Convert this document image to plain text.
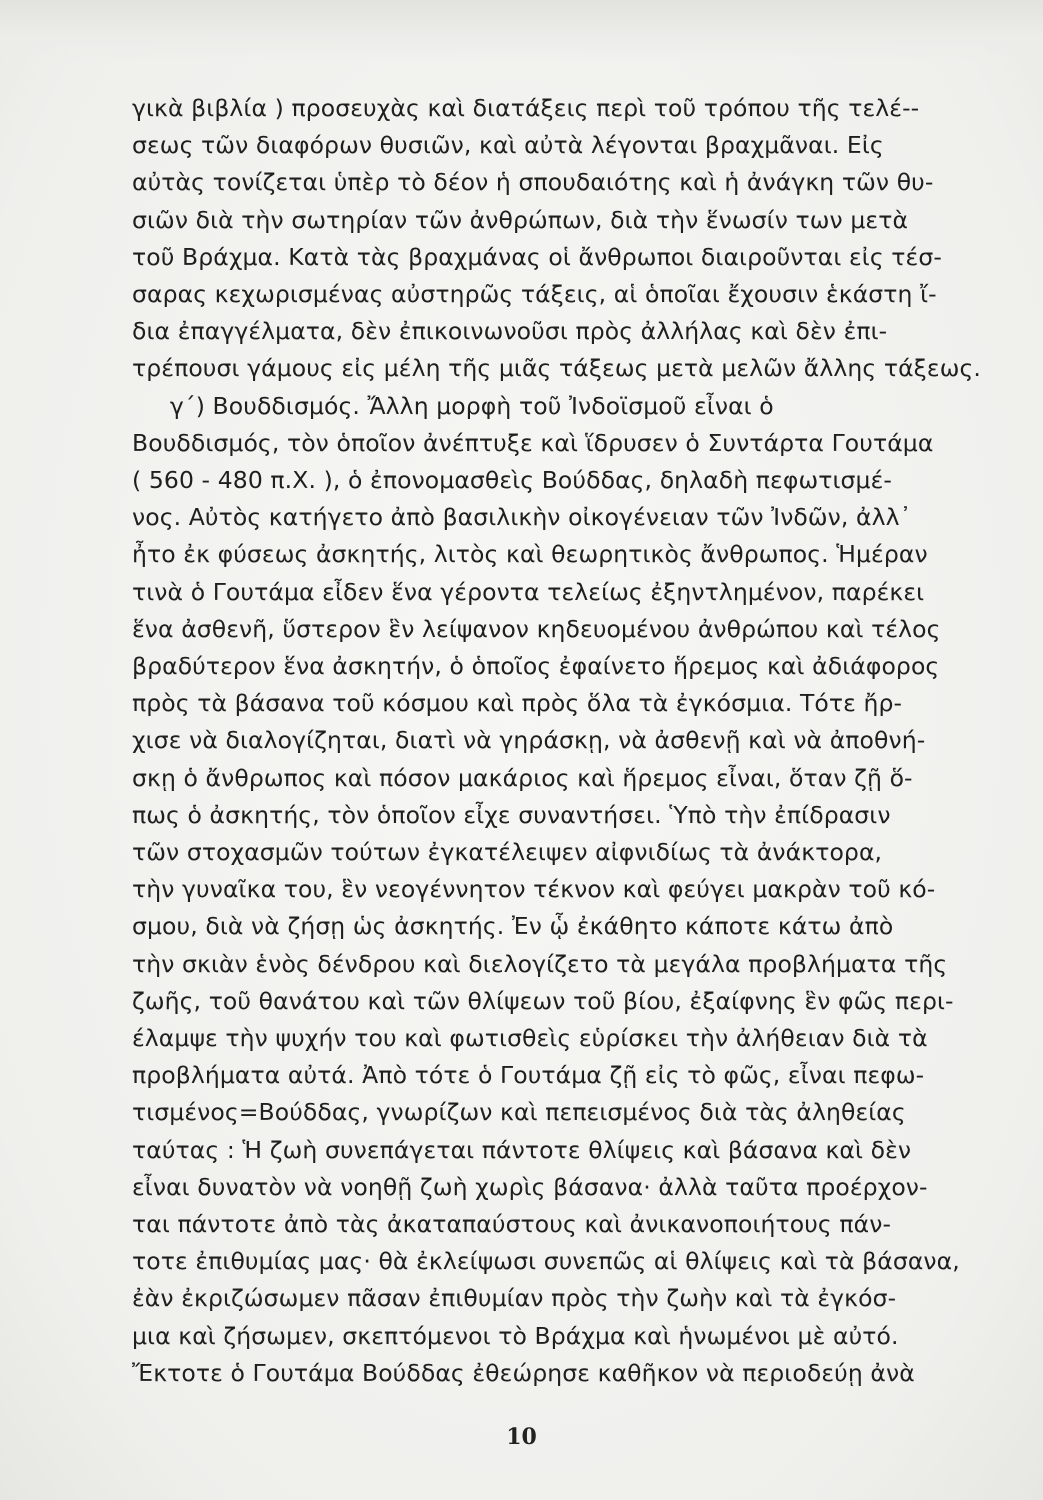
γικὰ βιβλία ) προσευχὰς καὶ διατάξεις περὶ τοῦ τρόπου τῆς τελέ--
σεως τῶν διαφόρων θυσιῶν, καὶ αὐτὰ λέγονται βραχμᾶναι. Εἰς
αὐτὰς τονίζεται ὑπὲρ τὸ δέον ἡ σπουδαιότης καὶ ἡ ἀνάγκη τῶν θυ-
σιῶν διὰ τὴν σωτηρίαν τῶν ἀνθρώπων, διὰ τὴν ἕνωσίν των μετὰ
τοῦ Βράχμα. Κατὰ τὰς βραχμάνας οἱ ἄνθρωποι διαιροῦνται εἰς τέσ-
σαρας κεχωρισμένας αὐστηρῶς τάξεις, αἱ ὁποῖαι ἔχουσιν ἑκάστη ἴ-
δια ἐπαγγέλματα, δὲν ἐπικοινωνοῦσι πρὸς ἀλλήλας καὶ δὲν ἐπι-
τρέπουσι γάμους εἰς μέλη τῆς μιᾶς τάξεως μετὰ μελῶν ἄλλης τάξεως.
γ΄) Βουδδισμός. Ἄλλη μορφὴ τοῦ Ἰνδοϊσμοῦ εἶναι ὁ
Βουδδισμός, τὸν ὁποῖον ἀνέπτυξε καὶ ἵδρυσεν ὁ Συντάρτα Γουτάμα
( 560 - 480 π.Χ. ), ὁ ἐπονομασθεὶς Βούδδας, δηλαδὴ πεφωτισμέ-
νος. Αὐτὸς κατήγετο ἀπὸ βασιλικὴν οἰκογένειαν τῶν Ἰνδῶν, ἀλλ᾽
ἦτο ἐκ φύσεως ἀσκητής, λιτὸς καὶ θεωρητικὸς ἄνθρωπος. Ἡμέραν
τινὰ ὁ Γουτάμα εἶδεν ἕνα γέροντα τελείως ἐξηντλημένον, παρέκει
ἕνα ἀσθενῆ, ὕστερον ἓν λείψανον κηδευομένου ἀνθρώπου καὶ τέλος
βραδύτερον ἕνα ἀσκητήν, ὁ ὁποῖος ἐφαίνετο ἥρεμος καὶ ἀδιάφορος
πρὸς τὰ βάσανα τοῦ κόσμου καὶ πρὸς ὅλα τὰ ἐγκόσμια. Τότε ἤρ-
χισε νὰ διαλογίζηται, διατὶ νὰ γηράσκῃ, νὰ ἀσθενῇ καὶ νὰ ἀποθνή-
σκῃ ὁ ἄνθρωπος καὶ πόσον μακάριος καὶ ἥρεμος εἶναι, ὅταν ζῇ ὅ-
πως ὁ ἀσκητής, τὸν ὁποῖον εἶχε συναντήσει. Ὑπὸ τὴν ἐπίδρασιν
τῶν στοχασμῶν τούτων ἐγκατέλειψεν αἰφνιδίως τὰ ἀνάκτορα,
τὴν γυναῖκα του, ἓν νεογέννητον τέκνον καὶ φεύγει μακρὰν τοῦ κό-
σμου, διὰ νὰ ζήσῃ ὡς ἀσκητής. Ἐν ᾧ ἐκάθητο κάποτε κάτω ἀπὸ
τὴν σκιὰν ἑνὸς δένδρου καὶ διελογίζετο τὰ μεγάλα προβλήματα τῆς
ζωῆς, τοῦ θανάτου καὶ τῶν θλίψεων τοῦ βίου, ἐξαίφνης ἓν φῶς περι-
έλαμψε τὴν ψυχήν του καὶ φωτισθεὶς εὑρίσκει τὴν ἀλήθειαν διὰ τὰ
προβλήματα αὐτά. Ἀπὸ τότε ὁ Γουτάμα ζῇ εἰς τὸ φῶς, εἶναι πεφω-
τισμένος=Βούδδας, γνωρίζων καὶ πεπεισμένος διὰ τὰς ἀληθείας
ταύτας : Ἡ ζωὴ συνεπάγεται πάντοτε θλίψεις καὶ βάσανα καὶ δὲν
εἶναι δυνατὸν νὰ νοηθῇ ζωὴ χωρὶς βάσανα· ἀλλὰ ταῦτα προέρχον-
ται πάντοτε ἀπὸ τὰς ἀκαταπαύστους καὶ ἀνικανοποιήτους πάν-
τοτε ἐπιθυμίας μας· θὰ ἐκλείψωσι συνεπῶς αἱ θλίψεις καὶ τὰ βάσανα,
ἐὰν ἐκριζώσωμεν πᾶσαν ἐπιθυμίαν πρὸς τὴν ζωὴν καὶ τὰ ἐγκόσ-
μια καὶ ζήσωμεν, σκεπτόμενοι τὸ Βράχμα καὶ ἡνωμένοι μὲ αὐτό.
Ἔκτοτε ὁ Γουτάμα Βούδδας ἐθεώρησε καθῆκον νὰ περιοδεύῃ ἀνὰ
10
